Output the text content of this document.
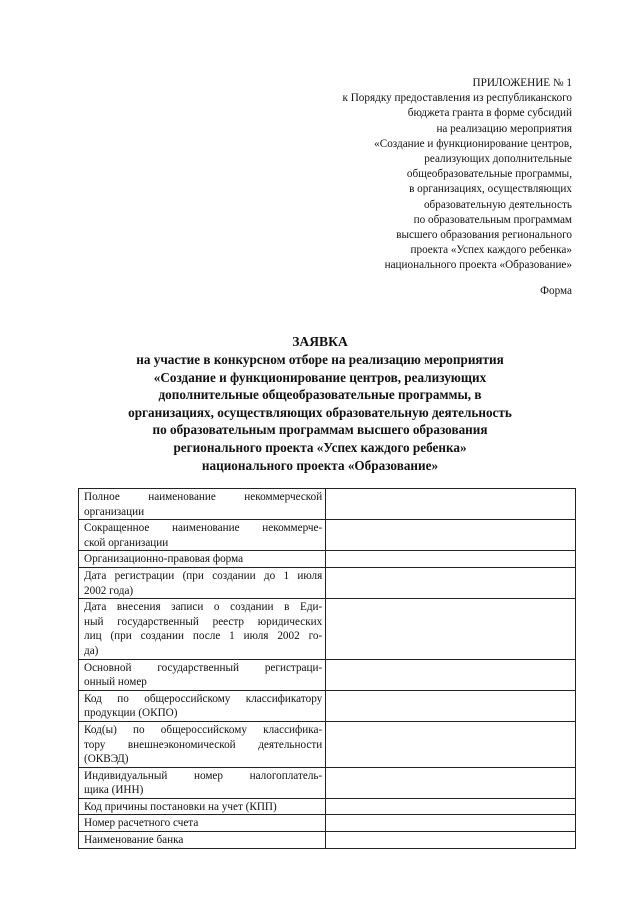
ПРИЛОЖЕНИЕ № 1
к Порядку предоставления из республиканского
бюджета гранта в форме субсидий
на реализацию мероприятия
«Создание и функционирование центров,
реализующих дополнительные
общеобразовательные программы,
в организациях, осуществляющих
образовательную деятельность
по образовательным программам
высшего образования регионального
проекта «Успех каждого ребенка»
национального проекта «Образование»
Форма
ЗАЯВКА
на участие в конкурсном отборе на реализацию мероприятия
«Создание и функционирование центров, реализующих
дополнительные общеобразовательные программы, в
организациях, осуществляющих образовательную деятельность
по образовательным программам высшего образования
регионального проекта «Успех каждого ребенка»
национального проекта «Образование»
Полное наименование некоммерческой
организации	

Сокращенное наименование некоммерче-
ской организации	

Организационно-правовая форма	

Дата регистрации (при создании до 1 июля
2002 года)	

Дата внесения записи о создании в Еди-
ный государственный реестр юридических
лиц (при создании после 1 июля 2002 го-
да)	

Основной государственный регистраци-
онный номер	

Код по общероссийскому классификатору
продукции (ОКПО)	

Код(ы) по общероссийскому классифика-
тору внешнеэкономической деятельности
(ОКВЭД)	

Индивидуальный номер налогоплатель-
щика (ИНН)	

Код причины постановки на учет (КПП)	

Номер расчетного счета	

Наименование банка	
